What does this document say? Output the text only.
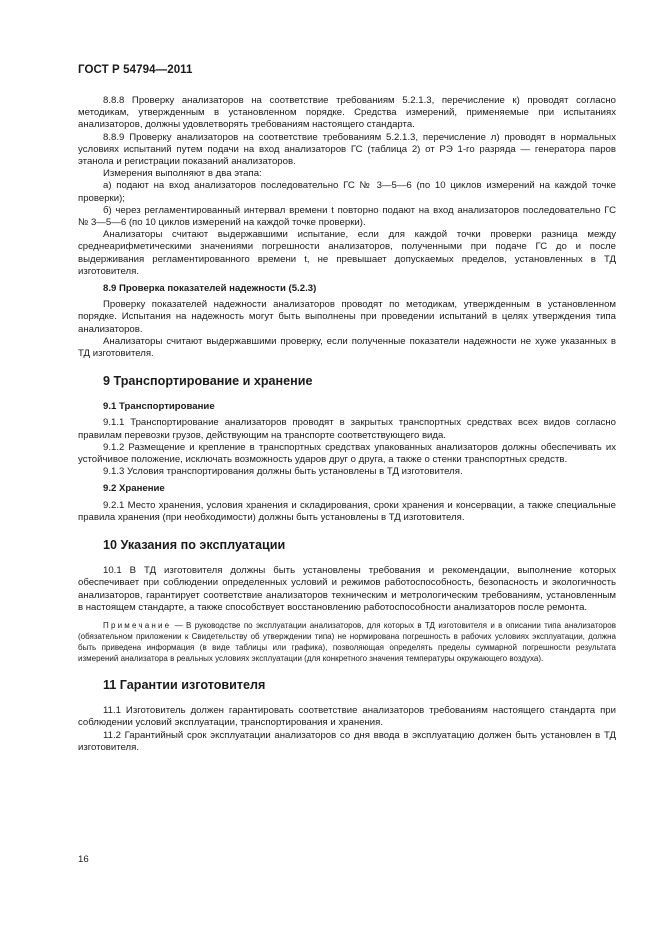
ГОСТ Р 54794—2011

8.8.8 Проверку анализаторов на соответствие требованиям 5.2.1.3, перечисление к) проводят согласно методикам, утвержденным в установленном порядке. Средства измерений, применяемые при испытаниях анализаторов, должны удовлетворять требованиям настоящего стандарта.

8.8.9 Проверку анализаторов на соответствие требованиям 5.2.1.3, перечисление л) проводят в нормальных условиях испытаний путем подачи на вход анализаторов ГС (таблица 2) от РЭ 1-го разряда — генератора паров этанола и регистрации показаний анализаторов.

Измерения выполняют в два этапа:

а) подают на вход анализаторов последовательно ГС № 3—5—6 (по 10 циклов измерений на каждой точке проверки);

б) через регламентированный интервал времени t повторно подают на вход анализаторов последовательно ГС № 3—5—6 (по 10 циклов измерений на каждой точке проверки).

Анализаторы считают выдержавшими испытание, если для каждой точки проверки разница между среднеарифметическими значениями погрешности анализаторов, полученными при подаче ГС до и после выдерживания регламентированного времени t, не превышает допускаемых пределов, установленных в ТД изготовителя.

8.9 Проверка показателей надежности (5.2.3)

Проверку показателей надежности анализаторов проводят по методикам, утвержденным в установленном порядке. Испытания на надежность могут быть выполнены при проведении испытаний в целях утверждения типа анализаторов.

Анализаторы считают выдержавшими проверку, если полученные показатели надежности не хуже указанных в ТД изготовителя.

9 Транспортирование и хранение
9.1 Транспортирование

9.1.1 Транспортирование анализаторов проводят в закрытых транспортных средствах всех видов согласно правилам перевозки грузов, действующим на транспорте соответствующего вида.

9.1.2 Размещение и крепление в транспортных средствах упакованных анализаторов должны обеспечивать их устойчивое положение, исключать возможность ударов друг о друга, а также о стенки транспортных средств.

9.1.3 Условия транспортирования должны быть установлены в ТД изготовителя.

9.2 Хранение

9.2.1 Место хранения, условия хранения и складирования, сроки хранения и консервации, а также специальные правила хранения (при необходимости) должны быть установлены в ТД изготовителя.

10 Указания по эксплуатации

10.1 В ТД изготовителя должны быть установлены требования и рекомендации, выполнение которых обеспечивает при соблюдении определенных условий и режимов работоспособность, безопасность и экологичность анализаторов, гарантирует соответствие анализаторов техническим и метрологическим требованиям, установленным в настоящем стандарте, а также способствует восстановлению работоспособности анализаторов после ремонта.

Примечание — В руководстве по эксплуатации анализаторов, для которых в ТД изготовителя и в описании типа анализаторов (обязательном приложении к Свидетельству об утверждении типа) не нормирована погрешность в рабочих условиях эксплуатации, должна быть приведена информация (в виде таблицы или графика), позволяющая определять пределы суммарной погрешности результата измерений анализатора в реальных условиях эксплуатации (для конкретного значения температуры окружающего воздуха).
11 Гарантии изготовителя

11.1 Изготовитель должен гарантировать соответствие анализаторов требованиям настоящего стандарта при соблюдении условий эксплуатации, транспортирования и хранения.

11.2 Гарантийный срок эксплуатации анализаторов со дня ввода в эксплуатацию должен быть установлен в ТД изготовителя.

16
